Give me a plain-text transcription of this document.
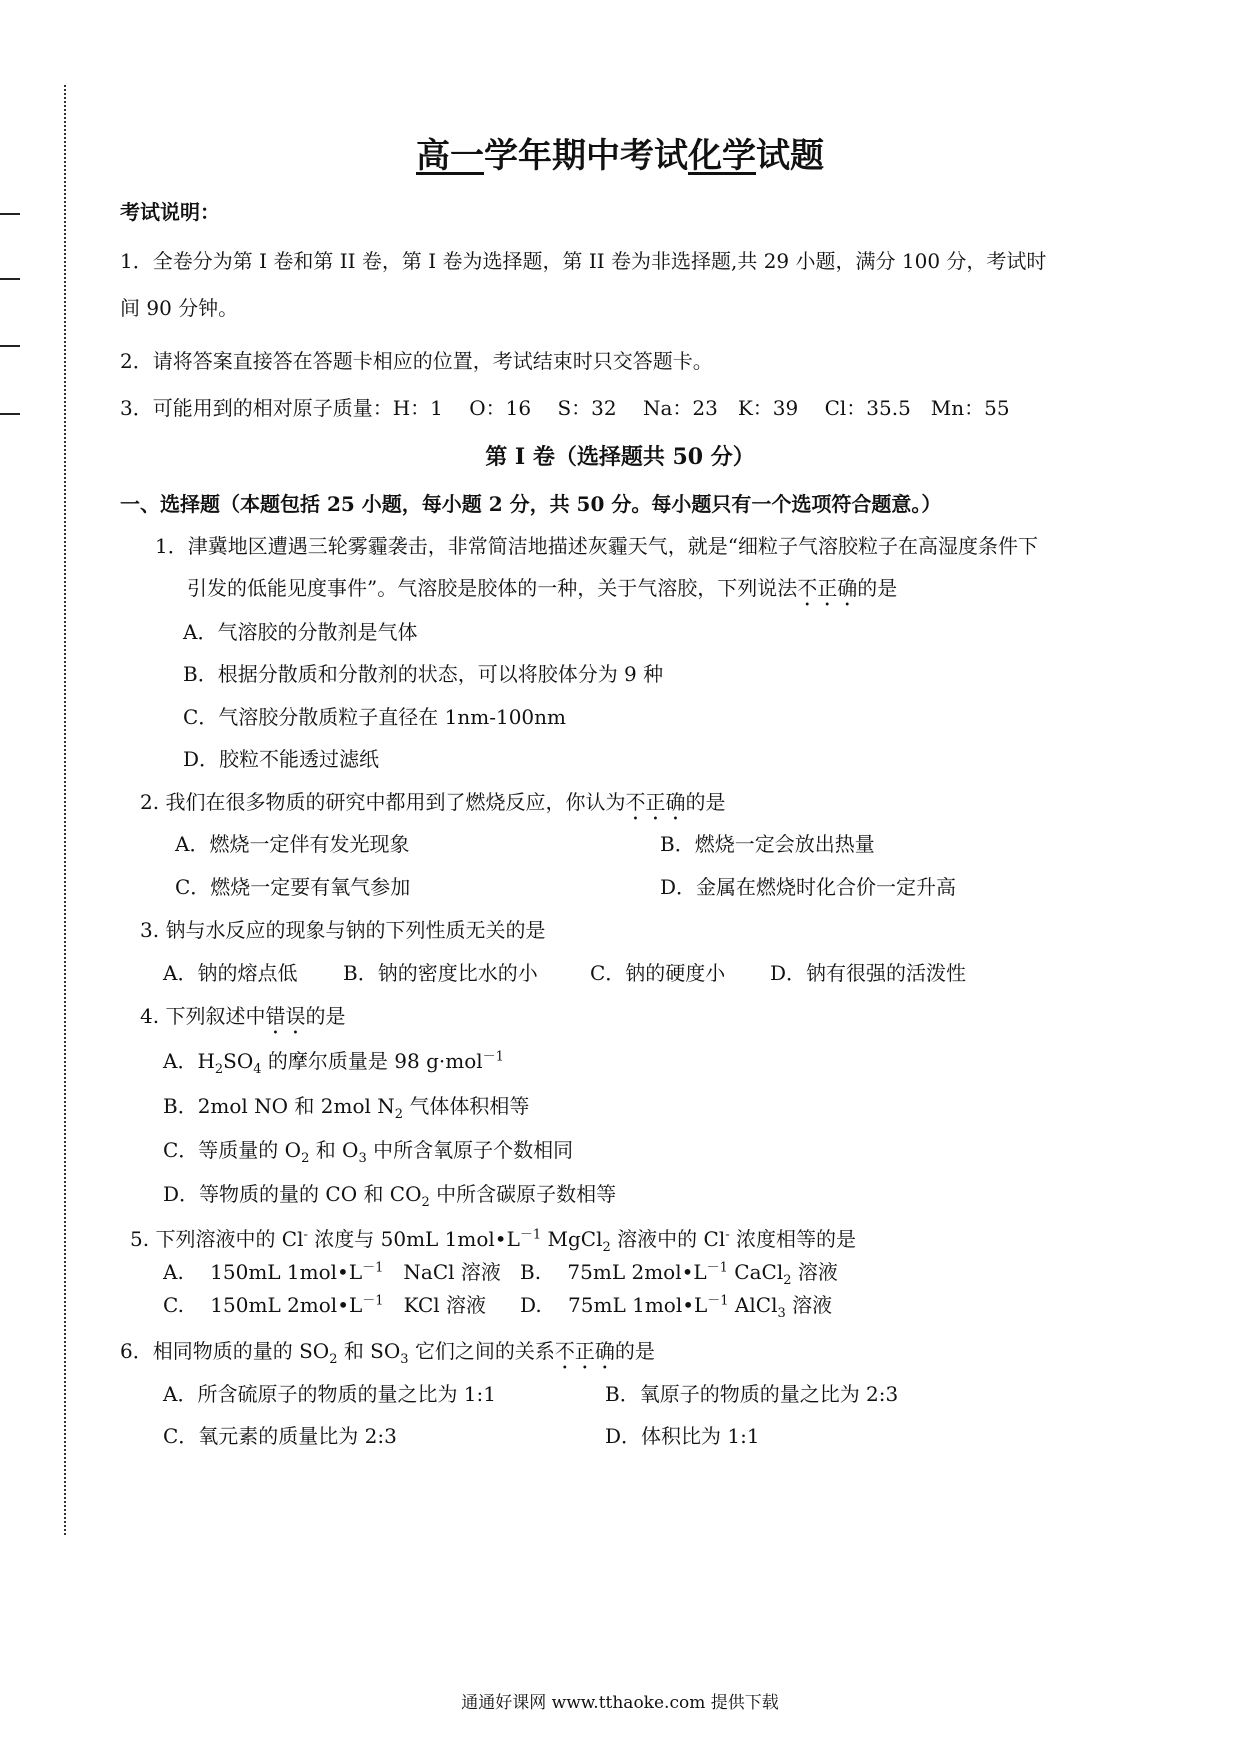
高一学年期中考试化学试题
考试说明：
1．全卷分为第 I 卷和第 II 卷，第 I 卷为选择题，第 II 卷为非选择题,共 29 小题，满分 100 分，考试时
间 90 分钟。
2．请将答案直接答在答题卡相应的位置，考试结束时只交答题卡。
3．可能用到的相对原子质量：H：1　 O：16　 S：32　 Na：23　K：39　 Cl：35.5　Mn：55
第 I 卷（选择题共 50 分）
一、选择题（本题包括 25 小题，每小题 2 分，共 50 分。每小题只有一个选项符合题意。）
1．津冀地区遭遇三轮雾霾袭击，非常简洁地描述灰霾天气，就是“细粒子气溶胶粒子在高湿度条件下
引发的低能见度事件”。气溶胶是胶体的一种，关于气溶胶，下列说法不正确的是
A．气溶胶的分散剂是气体
B．根据分散质和分散剂的状态，可以将胶体分为 9 种
C．气溶胶分散质粒子直径在 1nm-100nm
D．胶粒不能透过滤纸
2. 我们在很多物质的研究中都用到了燃烧反应，你认为不正确的是
A．燃烧一定伴有发光现象	B．燃烧一定会放出热量
C．燃烧一定要有氧气参加	D．金属在燃烧时化合价一定升高
3. 钠与水反应的现象与钠的下列性质无关的是
A．钠的熔点低 B．钠的密度比水的小	C．钠的硬度小 D．钠有很强的活泼性
4. 下列叙述中错误的是
A．$H_2SO_4$ 的摩尔质量是 98 g·mol$^{-1}$
B．2mol NO 和 2mol $N_2$ 气体体积相等
C．等质量的 $O_2$ 和 $O_3$ 中所含氧原子个数相同
D．等物质的量的 CO 和 $CO_2$ 中所含碳原子数相等
5. 下列溶液中的 Cl- 浓度与 50mL $1mol•L^{-1}$ MgCl$_2$ 溶液中的 Cl- 浓度相等的是
A.　 150mL $1mol•L^{-1}$　NaCl 溶液 B.　 75mL $2mol•L^{-1}$ CaCl$_2$ 溶液
C.　 150mL $2mol•L^{-1}$　KCl 溶液 D.　 75mL $1mol•L^{-1}$ AlCl$_3$ 溶液
6．相同物质的量的 $SO_2$ 和 $SO_3$ 它们之间的关系不正确的是
A．所含硫原子的物质的量之比为 1:1	B．氧原子的物质的量之比为 2:3
C．氧元素的质量比为 2:3	D．体积比为 1:1
通通好课网 www.tthaoke.com 提供下载
